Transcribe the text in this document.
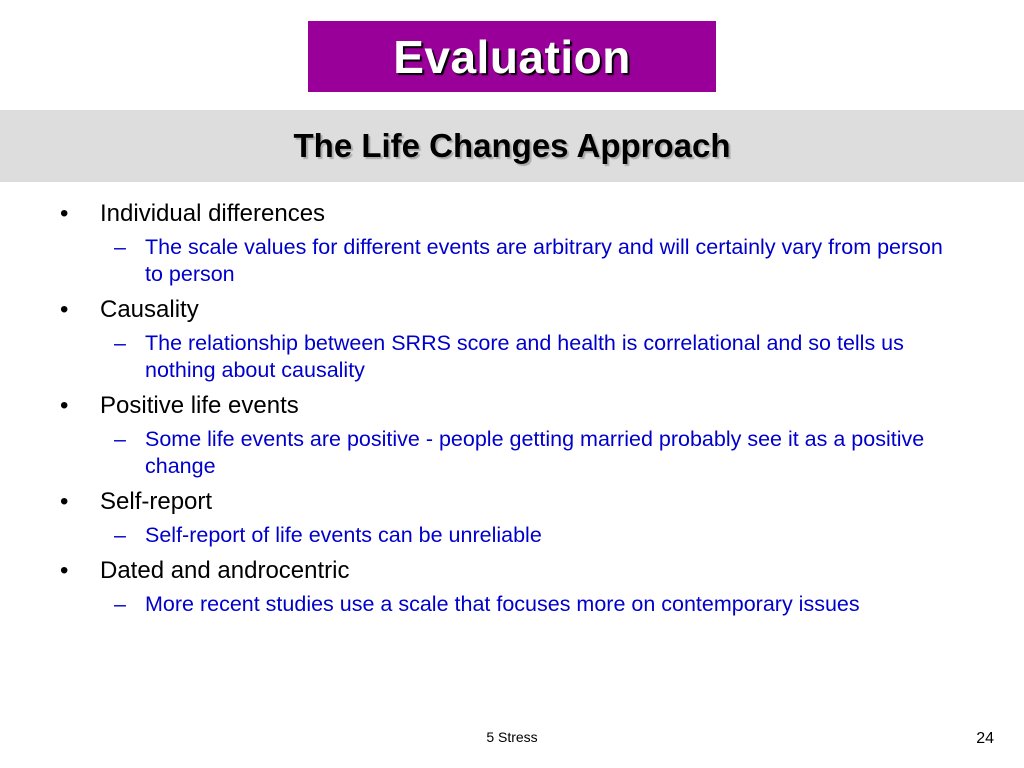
Evaluation
The Life Changes Approach
• Individual differences
– The scale values for different events are arbitrary and will certainly vary from person to person
• Causality
– The relationship between SRRS score and health is correlational and so tells us nothing about causality
• Positive life events
– Some life events are positive - people getting married probably see it as a positive change
• Self-report
– Self-report of life events can be unreliable
• Dated and androcentric
– More recent studies use a scale that focuses more on contemporary issues
5 Stress	24
